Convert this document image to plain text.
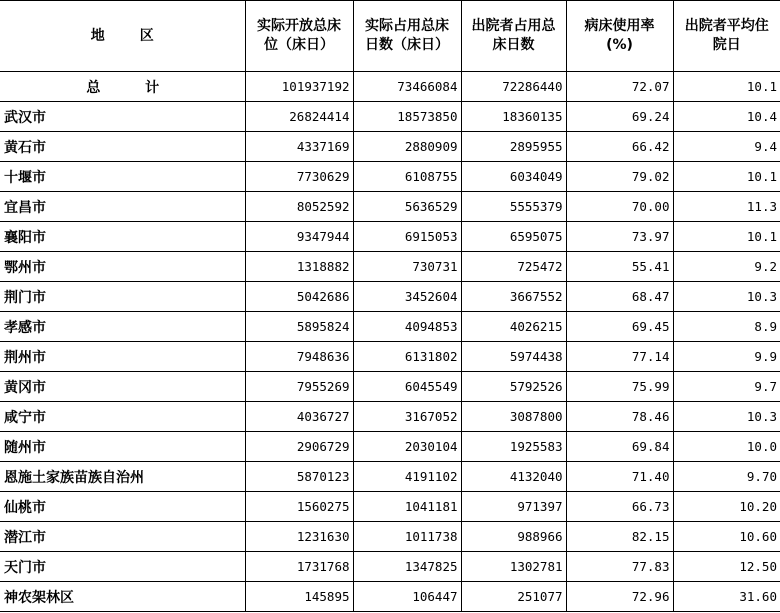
地区	实际开放总床位（床日）	实际占用总床日数（床日）	出院者占用总床日数	病床使用率(%)	出院者平均住院日
总计	101937192	73466084	72286440	72.07	10.1
武汉市	26824414	18573850	18360135	69.24	10.4
黄石市	4337169	2880909	2895955	66.42	9.4
十堰市	7730629	6108755	6034049	79.02	10.1
宜昌市	8052592	5636529	5555379	70.00	11.3
襄阳市	9347944	6915053	6595075	73.97	10.1
鄂州市	1318882	730731	725472	55.41	9.2
荆门市	5042686	3452604	3667552	68.47	10.3
孝感市	5895824	4094853	4026215	69.45	8.9
荆州市	7948636	6131802	5974438	77.14	9.9
黄冈市	7955269	6045549	5792526	75.99	9.7
咸宁市	4036727	3167052	3087800	78.46	10.3
随州市	2906729	2030104	1925583	69.84	10.0
恩施土家族苗族自治州	5870123	4191102	4132040	71.40	9.70
仙桃市	1560275	1041181	971397	66.73	10.20
潜江市	1231630	1011738	988966	82.15	10.60
天门市	1731768	1347825	1302781	77.83	12.50
神农架林区	145895	106447	251077	72.96	31.60
